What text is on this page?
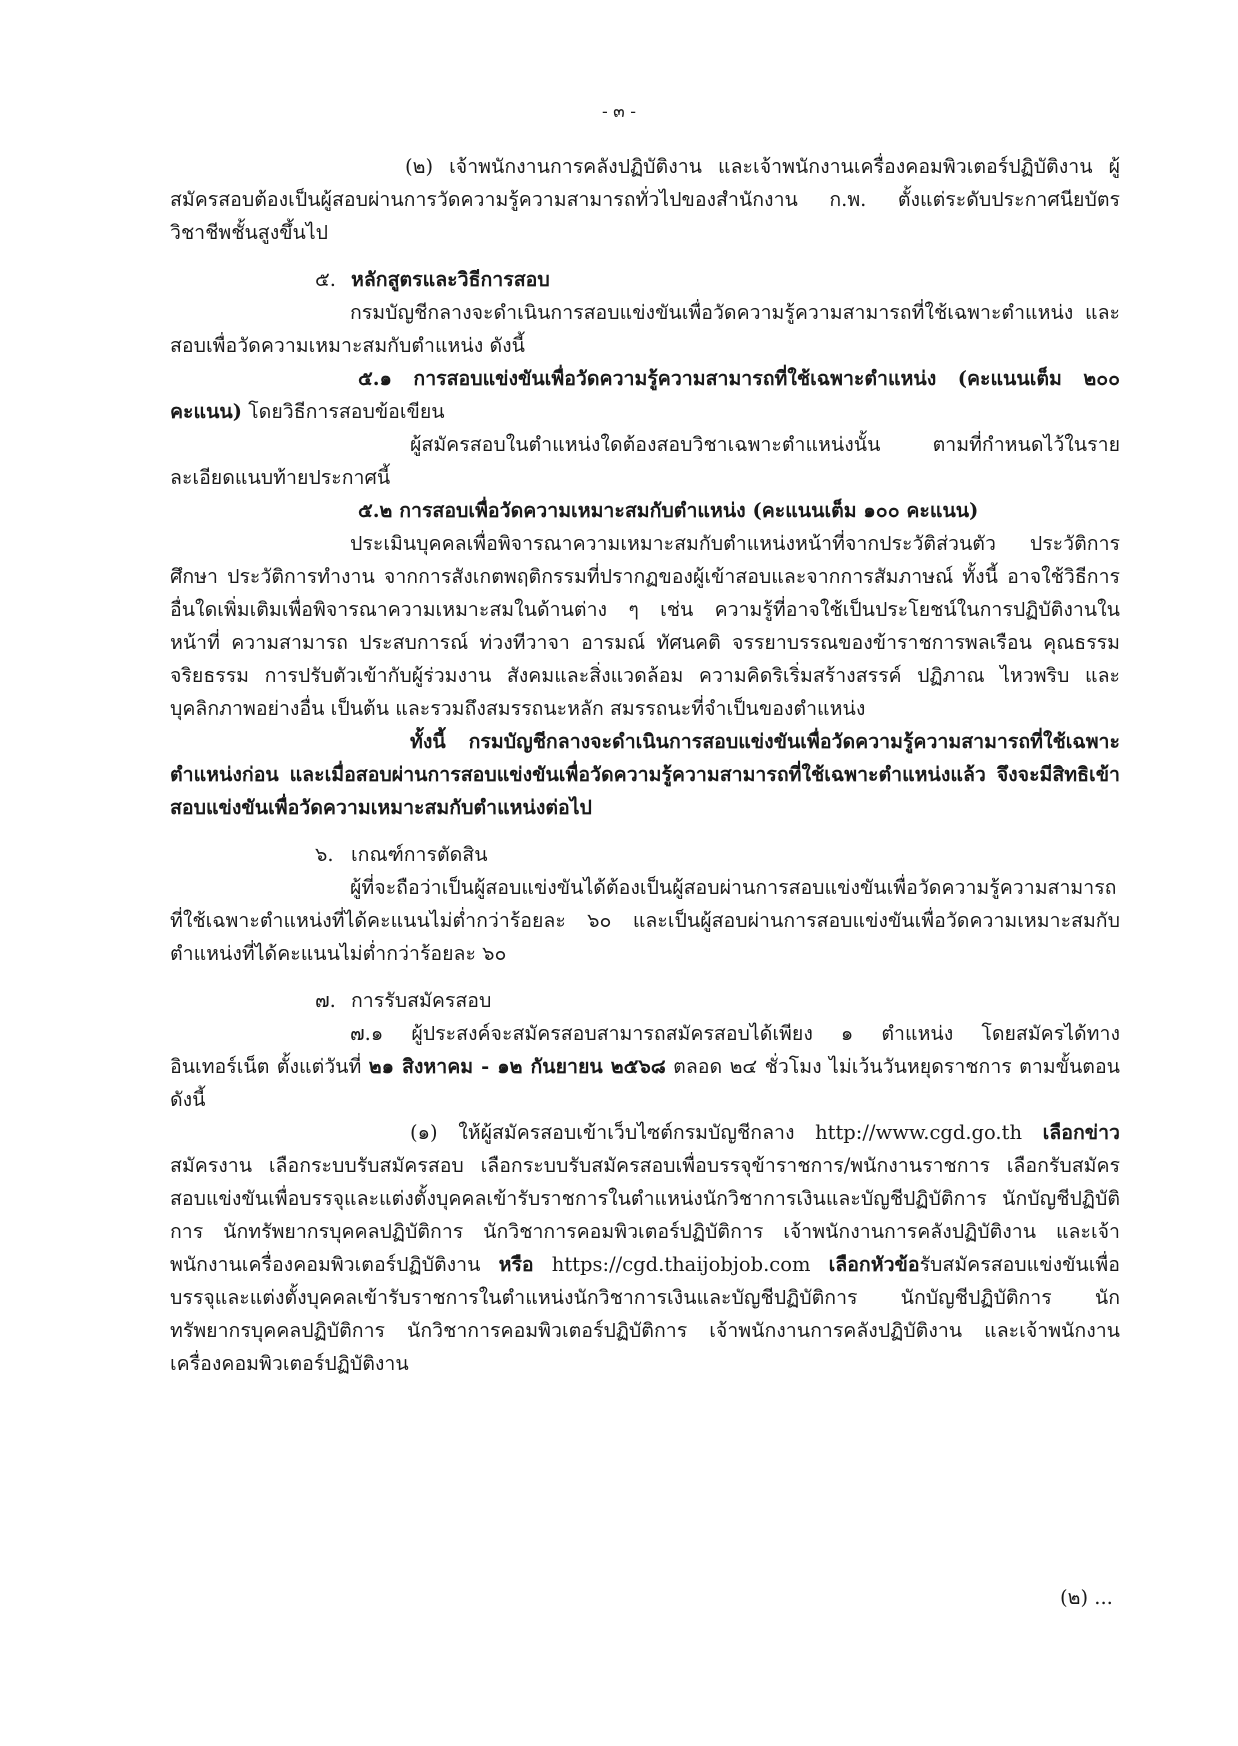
- ๓ -

(๒) เจ้าพนักงานการคลังปฏิบัติงาน และเจ้าพนักงานเครื่องคอมพิวเตอร์ปฏิบัติงาน ผู้สมัครสอบต้องเป็นผู้สอบผ่านการวัดความรู้ความสามารถทั่วไปของสำนักงาน ก.พ. ตั้งแต่ระดับประกาศนียบัตรวิชาชีพชั้นสูงขึ้นไป

๕. หลักสูตรและวิธีการสอบ

กรมบัญชีกลางจะดำเนินการสอบแข่งขันเพื่อวัดความรู้ความสามารถที่ใช้เฉพาะตำแหน่ง และสอบเพื่อวัดความเหมาะสมกับตำแหน่ง ดังนี้

๕.๑ การสอบแข่งขันเพื่อวัดความรู้ความสามารถที่ใช้เฉพาะตำแหน่ง (คะแนนเต็ม ๒๐๐ คะแนน) โดยวิธีการสอบข้อเขียน

ผู้สมัครสอบในตำแหน่งใดต้องสอบวิชาเฉพาะตำแหน่งนั้น ตามที่กำหนดไว้ในรายละเอียดแนบท้ายประกาศนี้

๕.๒ การสอบเพื่อวัดความเหมาะสมกับตำแหน่ง (คะแนนเต็ม ๑๐๐ คะแนน)

ประเมินบุคคลเพื่อพิจารณาความเหมาะสมกับตำแหน่งหน้าที่จากประวัติส่วนตัว ประวัติการศึกษา ประวัติการทำงาน จากการสังเกตพฤติกรรมที่ปรากฏของผู้เข้าสอบและจากการสัมภาษณ์ ทั้งนี้ อาจใช้วิธีการอื่นใดเพิ่มเติมเพื่อพิจารณาความเหมาะสมในด้านต่าง ๆ เช่น ความรู้ที่อาจใช้เป็นประโยชน์ในการปฏิบัติงานในหน้าที่ ความสามารถ ประสบการณ์ ท่วงทีวาจา อารมณ์ ทัศนคติ จรรยาบรรณของข้าราชการพลเรือน คุณธรรม จริยธรรม การปรับตัวเข้ากับผู้ร่วมงาน สังคมและสิ่งแวดล้อม ความคิดริเริ่มสร้างสรรค์ ปฏิภาณ ไหวพริบ และบุคลิกภาพอย่างอื่น เป็นต้น และรวมถึงสมรรถนะหลัก สมรรถนะที่จำเป็นของตำแหน่ง

ทั้งนี้ กรมบัญชีกลางจะดำเนินการสอบแข่งขันเพื่อวัดความรู้ความสามารถที่ใช้เฉพาะตำแหน่งก่อน และเมื่อสอบผ่านการสอบแข่งขันเพื่อวัดความรู้ความสามารถที่ใช้เฉพาะตำแหน่งแล้ว จึงจะมีสิทธิเข้าสอบแข่งขันเพื่อวัดความเหมาะสมกับตำแหน่งต่อไป

๖. เกณฑ์การตัดสิน

ผู้ที่จะถือว่าเป็นผู้สอบแข่งขันได้ต้องเป็นผู้สอบผ่านการสอบแข่งขันเพื่อวัดความรู้ความสามารถที่ใช้เฉพาะตำแหน่งที่ได้คะแนนไม่ต่ำกว่าร้อยละ ๖๐ และเป็นผู้สอบผ่านการสอบแข่งขันเพื่อวัดความเหมาะสมกับตำแหน่งที่ได้คะแนนไม่ต่ำกว่าร้อยละ ๖๐

๗. การรับสมัครสอบ

๗.๑ ผู้ประสงค์จะสมัครสอบสามารถสมัครสอบได้เพียง ๑ ตำแหน่ง โดยสมัครได้ทางอินเทอร์เน็ต ตั้งแต่วันที่ ๒๑ สิงหาคม - ๑๒ กันยายน ๒๕๖๘ ตลอด ๒๔ ชั่วโมง ไม่เว้นวันหยุดราชการ ตามขั้นตอนดังนี้

(๑) ให้ผู้สมัครสอบเข้าเว็บไซต์กรมบัญชีกลาง http://www.cgd.go.th เลือกข่าวสมัครงาน เลือกระบบรับสมัครสอบ เลือกระบบรับสมัครสอบเพื่อบรรจุข้าราชการ/พนักงานราชการ เลือกรับสมัครสอบแข่งขันเพื่อบรรจุและแต่งตั้งบุคคลเข้ารับราชการในตำแหน่งนักวิชาการเงินและบัญชีปฏิบัติการ นักบัญชีปฏิบัติการ นักทรัพยากรบุคคลปฏิบัติการ นักวิชาการคอมพิวเตอร์ปฏิบัติการ เจ้าพนักงานการคลังปฏิบัติงาน และเจ้าพนักงานเครื่องคอมพิวเตอร์ปฏิบัติงาน หรือ https://cgd.thaijobjob.com เลือกหัวข้อรับสมัครสอบแข่งขันเพื่อบรรจุและแต่งตั้งบุคคลเข้ารับราชการในตำแหน่งนักวิชาการเงินและบัญชีปฏิบัติการ นักบัญชีปฏิบัติการ นักทรัพยากรบุคคลปฏิบัติการ นักวิชาการคอมพิวเตอร์ปฏิบัติการ เจ้าพนักงานการคลังปฏิบัติงาน และเจ้าพนักงานเครื่องคอมพิวเตอร์ปฏิบัติงาน

(๒) ...
